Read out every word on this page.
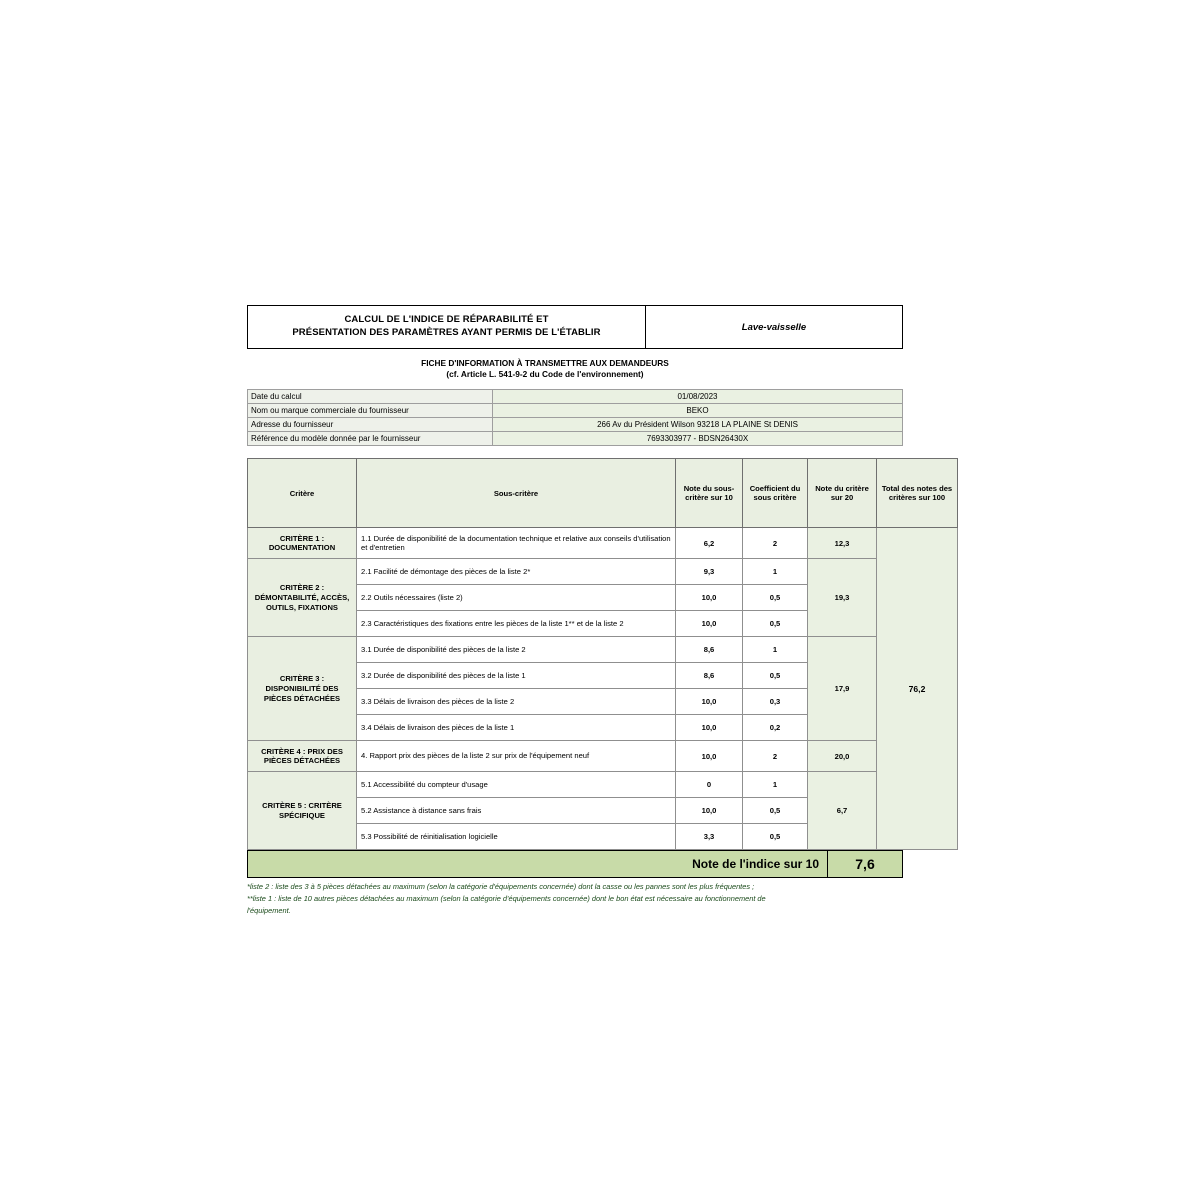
CALCUL DE L'INDICE DE RÉPARABILITÉ ET
PRÉSENTATION DES PARAMÈTRES AYANT PERMIS DE L'ÉTABLIR	Lave-vaisselle
FICHE D'INFORMATION À TRANSMETTRE AUX DEMANDEURS
(cf. Article L. 541-9-2 du Code de l'environnement)
Date du calcul	01/08/2023
Nom ou marque commerciale du fournisseur	BEKO
Adresse du fournisseur	266 Av du Président Wilson 93218 LA PLAINE St DENIS
Référence du modèle donnée par le fournisseur	7693303977 - BDSN26430X
Critère	Sous-critère	Note du sous-critère sur 10	Coefficient du sous critère	Note du critère sur 20	Total des notes des critères sur 100
CRITÈRE 1 : DOCUMENTATION	1.1 Durée de disponibilité de la documentation technique et relative aux conseils d'utilisation et d'entretien	6,2	2	12,3	76,2
CRITÈRE 2 : DÉMONTABILITÉ, ACCÈS, OUTILS, FIXATIONS	2.1 Facilité de démontage des pièces de la liste 2*	9,3	1	19,3	
	2.2 Outils nécessaires (liste 2)	10,0	0,5		
	2.3 Caractéristiques des fixations entre les pièces de la liste 1** et de la liste 2	10,0	0,5		
CRITÈRE 3 : DISPONIBILITÉ DES PIÈCES DÉTACHÉES	3.1 Durée de disponibilité des pièces de la liste 2	8,6	1	17,9	
	3.2 Durée de disponibilité des pièces de la liste 1	8,6	0,5		
	3.3 Délais de livraison des pièces de la liste 2	10,0	0,3		
	3.4 Délais de livraison des pièces de la liste 1	10,0	0,2		
CRITÈRE 4 : PRIX DES PIÈCES DÉTACHÉES	4. Rapport prix des pièces de la liste 2 sur prix de l'équipement neuf	10,0	2	20,0	
CRITÈRE 5 : CRITÈRE SPÉCIFIQUE	5.1 Accessibilité du compteur d'usage	0	1	6,7	
	5.2 Assistance à distance sans frais	10,0	0,5		
	5.3 Possibilité de réinitialisation logicielle	3,3	0,5		
Note de l'indice sur 10	7,6
*liste 2 : liste des 3 à 5 pièces détachées au maximum (selon la catégorie d'équipements concernée) dont la casse ou les pannes sont les plus fréquentes ;
**liste 1 : liste de 10 autres pièces détachées au maximum (selon la catégorie d'équipements concernée) dont le bon état est nécessaire au fonctionnement de
l'équipement.
